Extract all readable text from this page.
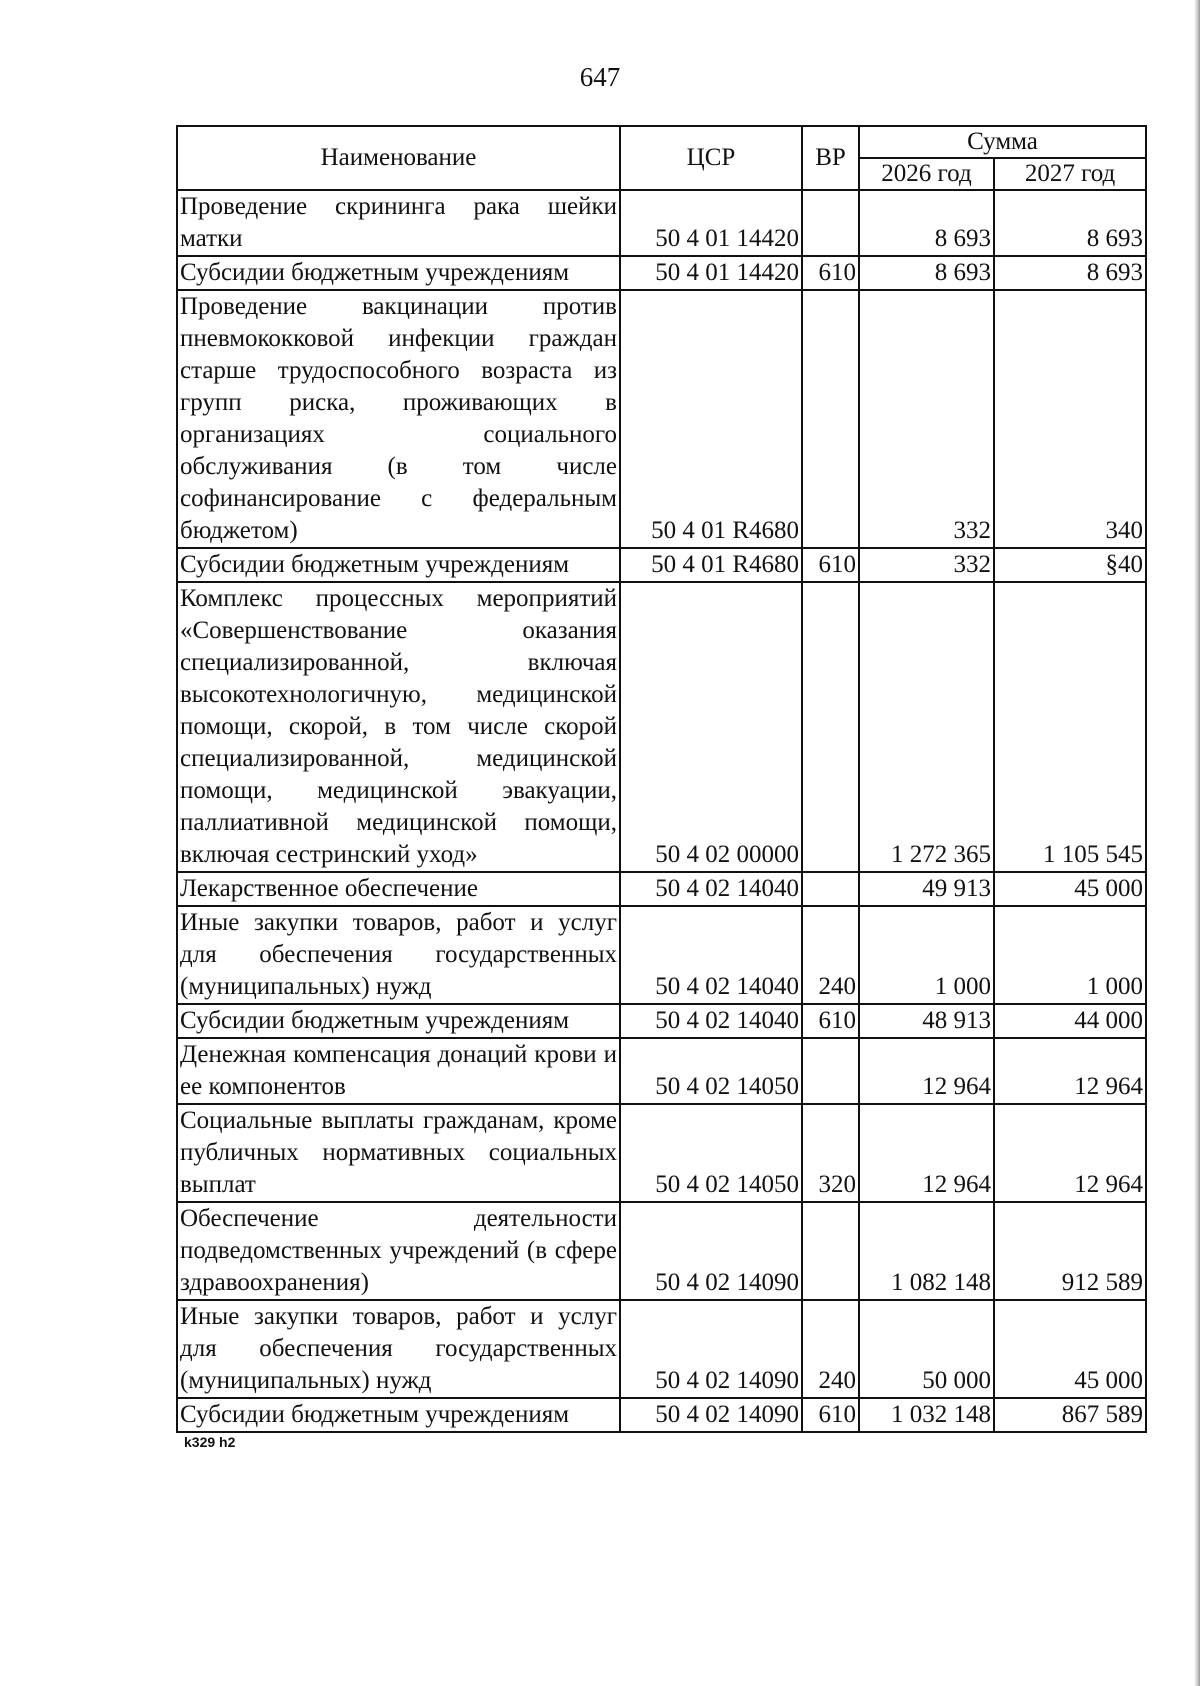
647
Наименование	ЦСР	ВР	Сумма	
			2026 год	2027 год
Проведение скрининга рака шейки матки	50 4 01 14420		8 693	8 693
Субсидии бюджетным учреждениям	50 4 01 14420	610	8 693	8 693
Проведение вакцинации против пневмококковой инфекции граждан старше трудоспособного возраста из групп риска, проживающих в организациях социального обслуживания (в том числе софинансирование с федеральным бюджетом)	50 4 01 R4680		332	340
Субсидии бюджетным учреждениям	50 4 01 R4680	610	332	§40
Комплекс процессных мероприятий «Совершенствование оказания специализированной, включая высокотехнологичную, медицинской помощи, скорой, в том числе скорой специализированной, медицинской помощи, медицинской эвакуации, паллиативной медицинской помощи, включая сестринский уход»	50 4 02 00000		1 272 365	1 105 545
Лекарственное обеспечение	50 4 02 14040		49 913	45 000
Иные закупки товаров, работ и услуг для обеспечения государственных (муниципальных) нужд	50 4 02 14040	240	1 000	1 000
Субсидии бюджетным учреждениям	50 4 02 14040	610	48 913	44 000
Денежная компенсация донаций крови и ее компонентов	50 4 02 14050		12 964	12 964
Социальные выплаты гражданам, кроме публичных нормативных социальных выплат	50 4 02 14050	320	12 964	12 964
Обеспечение деятельности подведомственных учреждений (в сфере здравоохранения)	50 4 02 14090		1 082 148	912 589
Иные закупки товаров, работ и услуг для обеспечения государственных (муниципальных) нужд	50 4 02 14090	240	50 000	45 000
Субсидии бюджетным учреждениям	50 4 02 14090	610	1 032 148	867 589
k329 h2
